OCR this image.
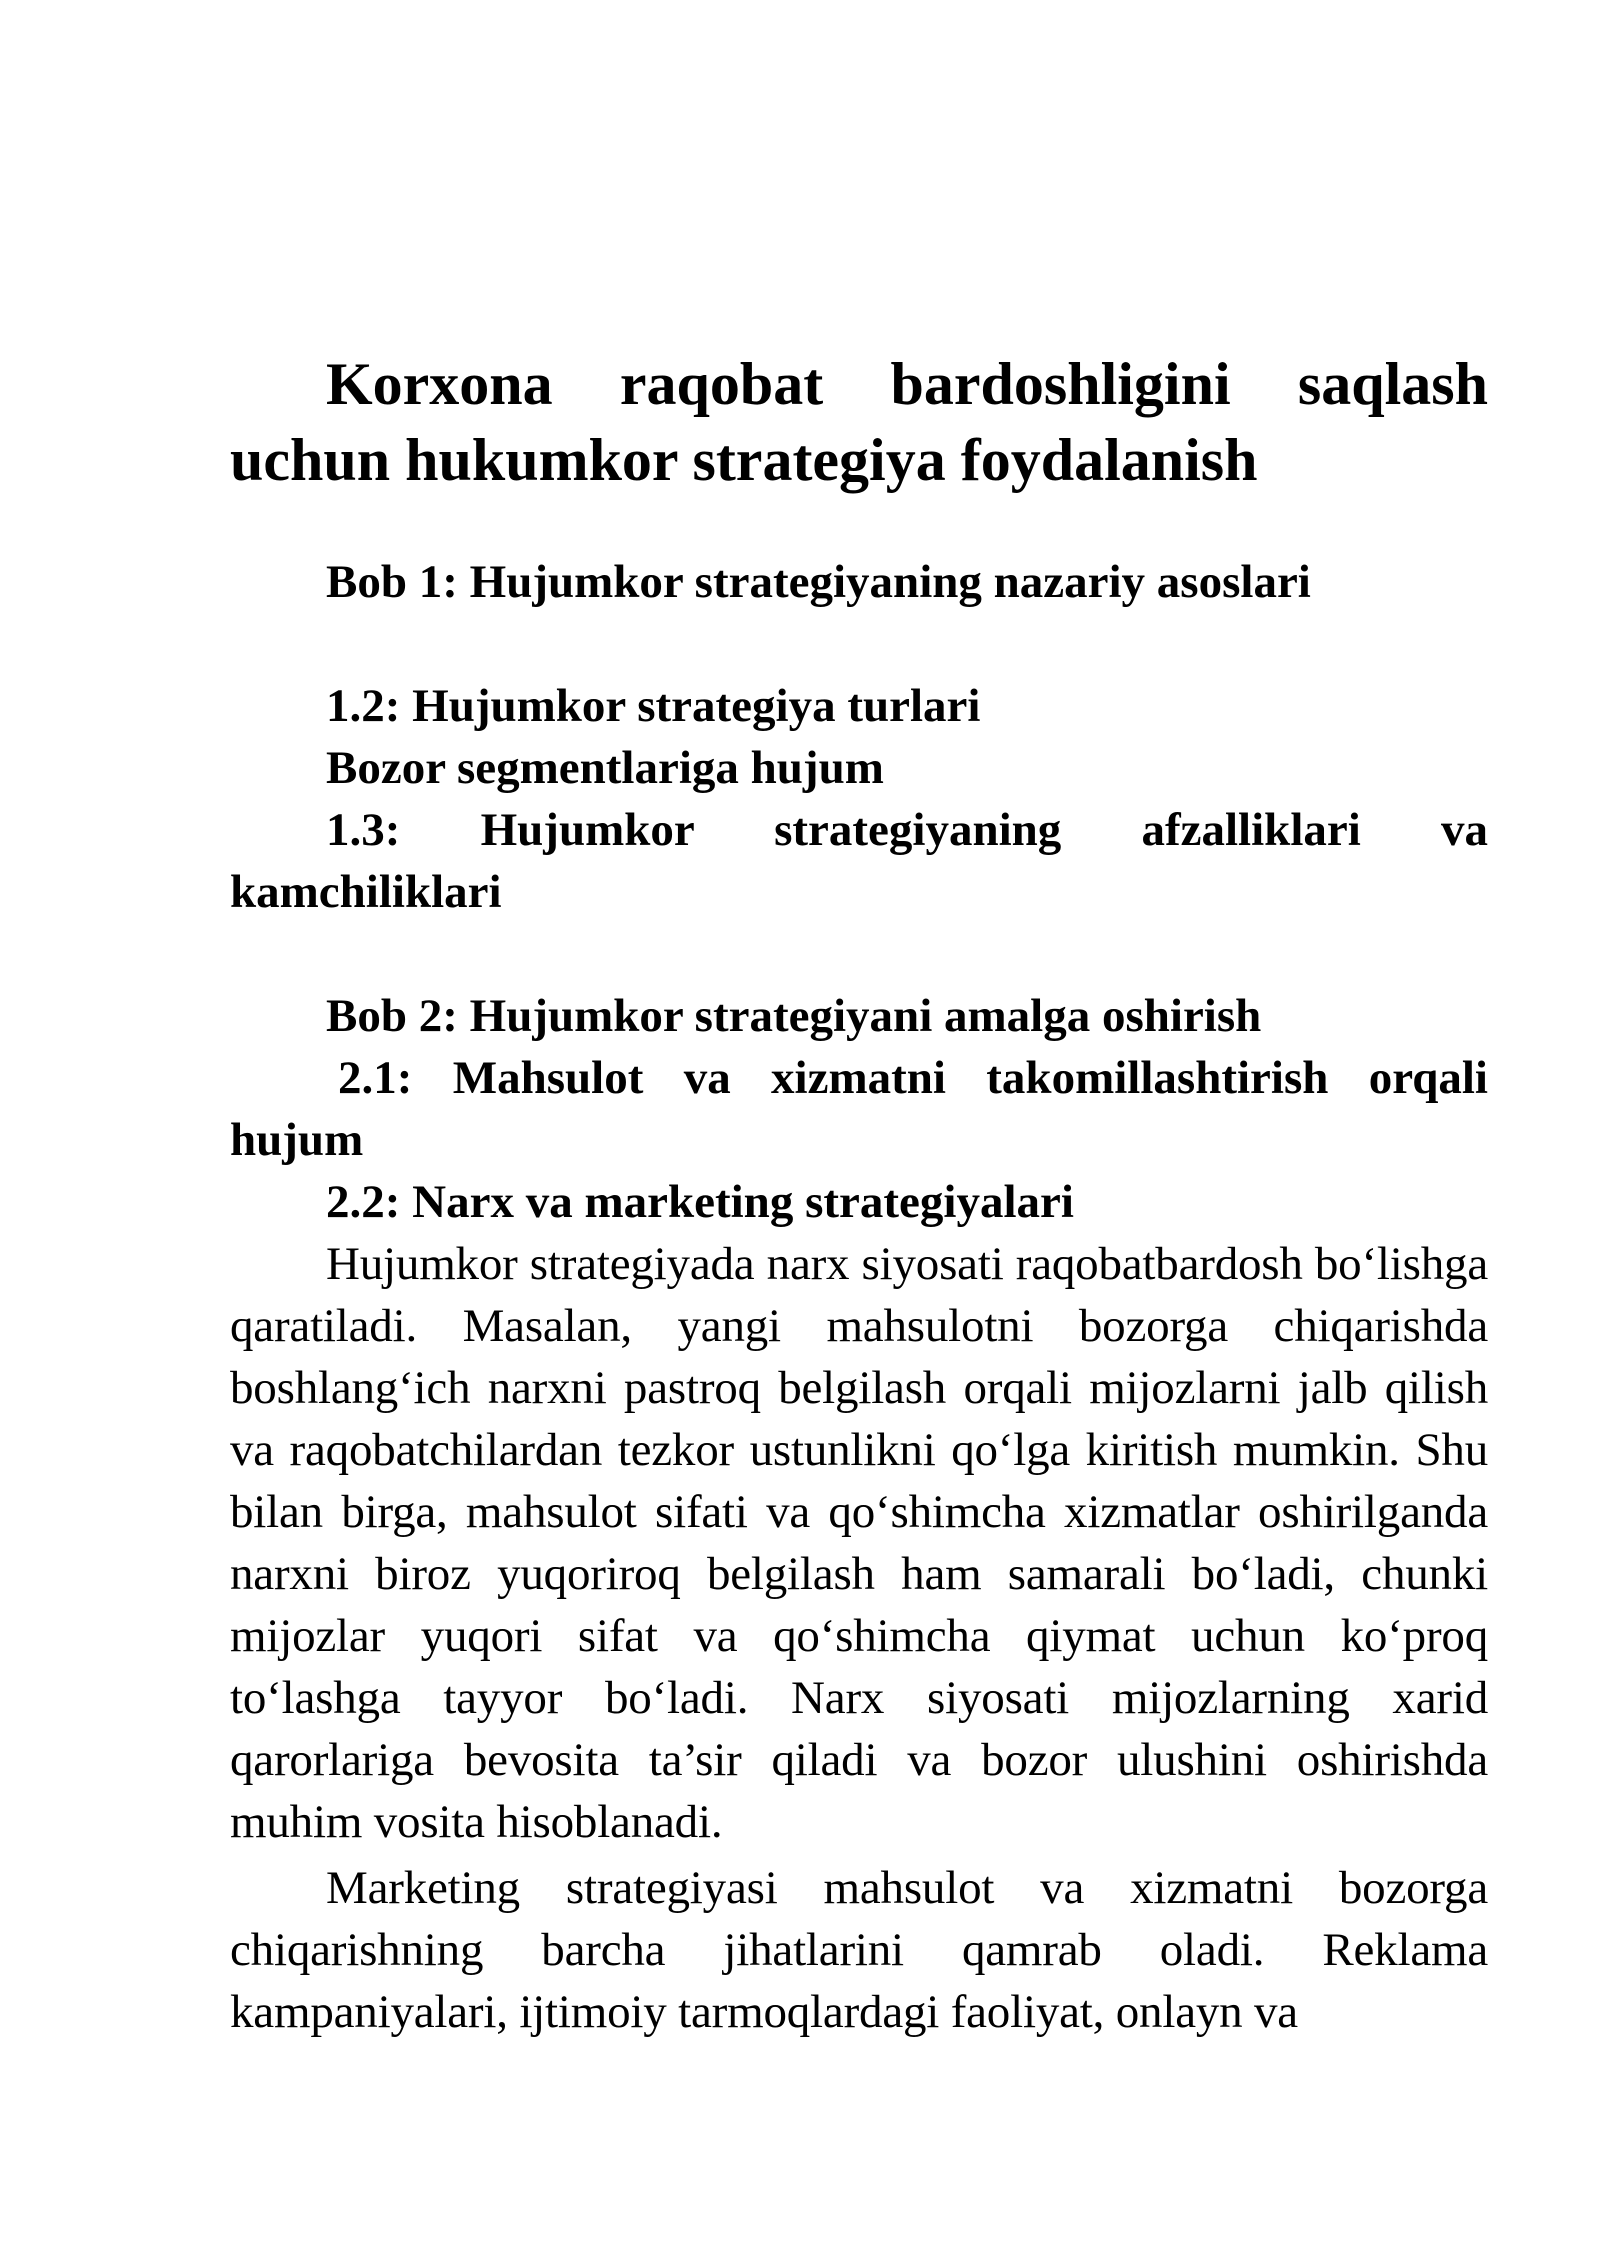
Korxona raqobat bardoshligini saqlash uchun hukumkor strategiya foydalanish

Bob 1: Hujumkor strategiyaning nazariy asoslari

1.2: Hujumkor strategiya turlari

Bozor segmentlariga hujum

1.3: Hujumkor strategiyaning afzalliklari va kamchiliklari

Bob 2: Hujumkor strategiyani amalga oshirish

2.1: Mahsulot va xizmatni takomillashtirish orqali hujum

2.2: Narx va marketing strategiyalari

Hujumkor strategiyada narx siyosati raqobatbardosh bo‘lishga qaratiladi. Masalan, yangi mahsulotni bozorga chiqarishda boshlang‘ich narxni pastroq belgilash orqali mijozlarni jalb qilish va raqobatchilardan tezkor ustunlikni qo‘lga kiritish mumkin. Shu bilan birga, mahsulot sifati va qo‘shimcha xizmatlar oshirilganda narxni biroz yuqoriroq belgilash ham samarali bo‘ladi, chunki mijozlar yuqori sifat va qo‘shimcha qiymat uchun ko‘proq to‘lashga tayyor bo‘ladi. Narx siyosati mijozlarning xarid qarorlariga bevosita ta’sir qiladi va bozor ulushini oshirishda muhim vosita hisoblanadi.

Marketing strategiyasi mahsulot va xizmatni bozorga chiqarishning barcha jihatlarini qamrab oladi. Reklama kampaniyalari, ijtimoiy tarmoqlardagi faoliyat, onlayn va
